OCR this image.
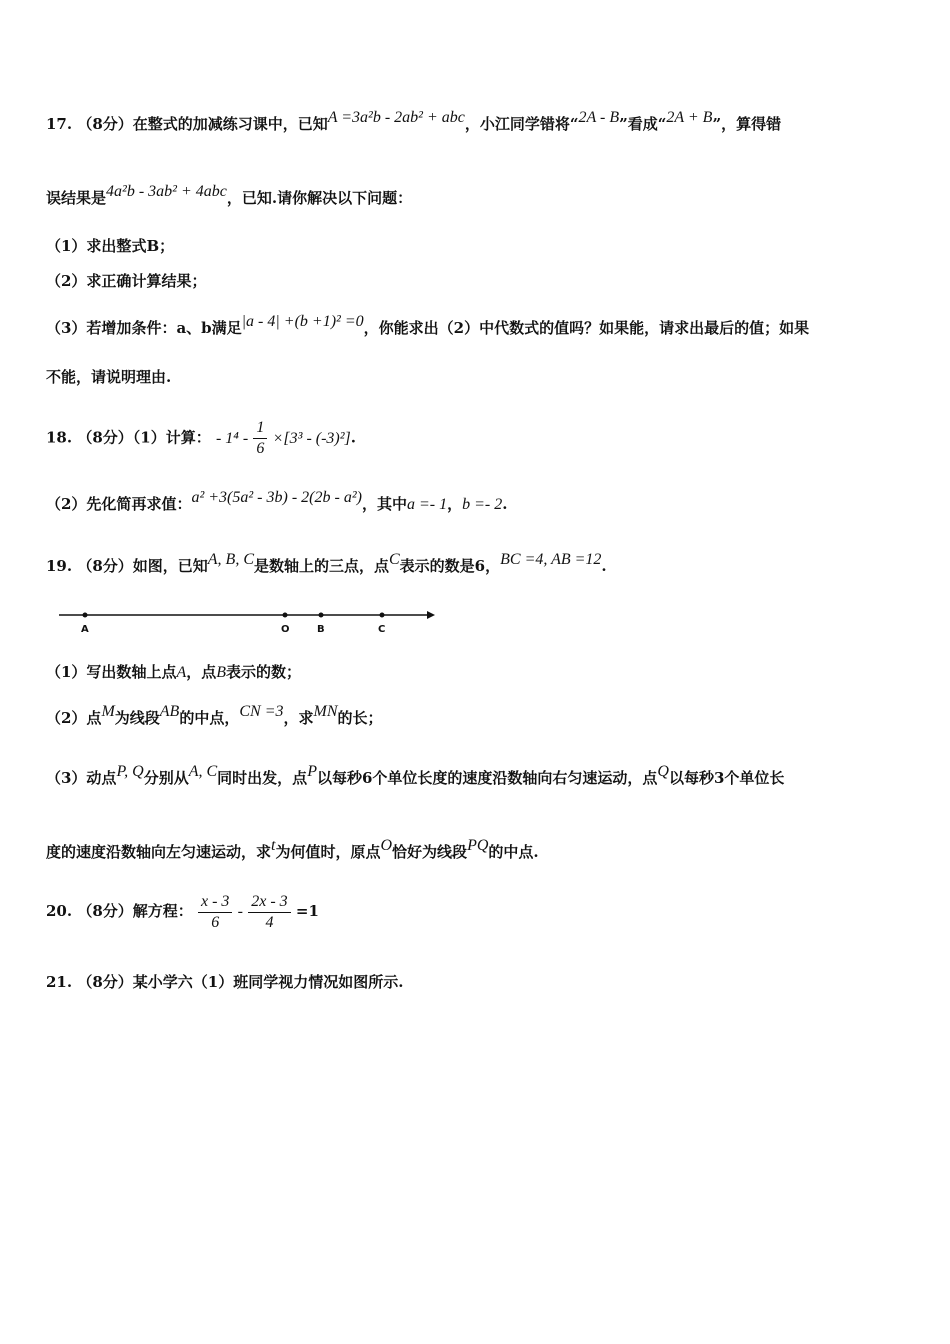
17. （8分）在整式的加减练习课中，已知A =3a²b - 2ab² + abc，小江同学错将“2A - B”看成“2A + B”，算得错
误结果是4a²b - 3ab² + 4abc，已知.请你解决以下问题：
（1）求出整式B；
（2）求正确计算结果；
（3）若增加条件：a、b满足|a - 4| +(b +1)² =0，你能求出（2）中代数式的值吗？如果能，请求出最后的值；如果
不能，请说明理由.
18. （8分）（1）计算： - $1^4 - \frac{1}{6} \times[3^3 - (-3)^2]$.
（2）先化简再求值：a² +3(5a² - 3b) - 2(2b - a²)，其中a =- 1，b =- 2.
19. （8分）如图，已知A, B, C是数轴上的三点，点C表示的数是6，BC =4, AB =12.
A	O	B	C
（1）写出数轴上点A，点B表示的数；
（2）点M为线段AB的中点，CN =3，求MN的长；
（3）动点P, Q分别从A, C同时出发，点P以每秒6个单位长度的速度沿数轴向右匀速运动，点Q以每秒3个单位长
度的速度沿数轴向左匀速运动，求t为何值时，原点O恰好为线段PQ的中点.
20. （8分）解方程： $\frac{x - 3}{6} - \frac{2x - 3}{4} =1$
21. （8分）某小学六（1）班同学视力情况如图所示.
